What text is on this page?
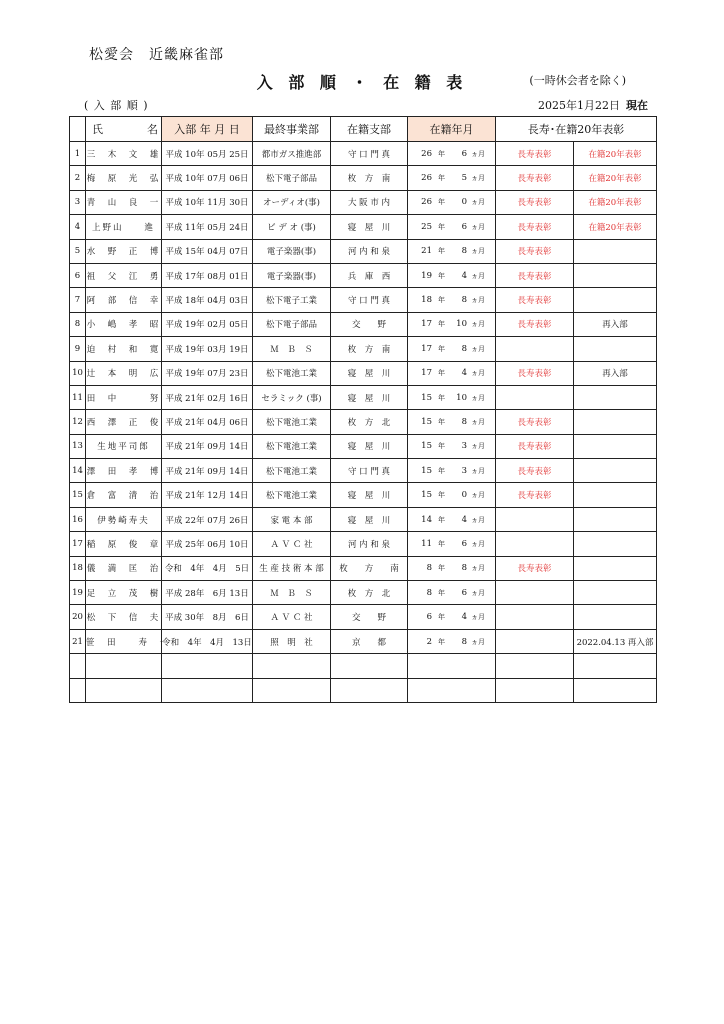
松愛会　近畿麻雀部
入 部 順 ・ 在 籍 表	(一時休会者を除く)
( 入 部 順 )	2025年1月22日 現在
	氏 名	入部 年 月 日	最終事業部	在籍支部	在籍年月	長寿･在籍20年表彰	
1	三　木　文　雄	平成 10年 05月 25日	都市ガス推進部	守 口 門 真	26 年 6 ヵ月	長寿表彰	在籍20年表彰
2	梅　原　光　弘	平成 10年 07月 06日	松下電子部品	枚　方　南	26 年 5 ヵ月	長寿表彰	在籍20年表彰
3	青　山　良　一	平成 10年 11月 30日	オーディオ(事)	大 阪 市 内	26 年 0 ヵ月	長寿表彰	在籍20年表彰
4	上野山　　進	平成 11年 05月 24日	ビ デ オ (事)	寝　屋　川	25 年 6 ヵ月	長寿表彰	在籍20年表彰
5	水　野　正　博	平成 15年 04月 07日	電子楽器(事)	河 内 和 泉	21 年 8 ヵ月	長寿表彰	
6	祖　父　江　勇	平成 17年 08月 01日	電子楽器(事)	兵　庫　西	19 年 4 ヵ月	長寿表彰	
7	阿　部　信　幸	平成 18年 04月 03日	松下電子工業	守 口 門 真	18 年 8 ヵ月	長寿表彰	
8	小　嶋　孝　昭	平成 19年 02月 05日	松下電子部品	交　　野	17 年 10 ヵ月	長寿表彰	再入部
9	迫　村　和　寛	平成 19年 03月 19日	Ｍ　Ｂ　Ｓ	枚　方　南	17 年 8 ヵ月		
10	辻　本　明　広	平成 19年 07月 23日	松下電池工業	寝　屋　川	17 年 4 ヵ月	長寿表彰	再入部
11	田　中　　　努	平成 21年 02月 16日	セラミック (事)	寝　屋　川	15 年 10 ヵ月		
12	西　澤　正　俊	平成 21年 04月 06日	松下電池工業	枚　方　北	15 年 8 ヵ月	長寿表彰	
13	生地平司郎	平成 21年 09月 14日	松下電池工業	寝　屋　川	15 年 3 ヵ月	長寿表彰	
14	澤　田　孝　博	平成 21年 09月 14日	松下電池工業	守 口 門 真	15 年 3 ヵ月	長寿表彰	
15	倉　富　清　治	平成 21年 12月 14日	松下電池工業	寝　屋　川	15 年 0 ヵ月	長寿表彰	
16	伊勢崎寿夫	平成 22年 07月 26日	家 電 本 部	寝　屋　川	14 年 4 ヵ月		
17	稲　原　俊　章	平成 25年 06月 10日	Ａ Ｖ Ｃ 社	河 内 和 泉	11 年 6 ヵ月		
18	儀　満　匡　治	令和　4年　4月　5日	生 産 技 術 本 部	枚　　方　　南	8 年 8 ヵ月	長寿表彰	
19	足　立　茂　樹	平成 28年　6月 13日	Ｍ　Ｂ　Ｓ	枚　方　北	8 年 6 ヵ月		
20	松　下　信　夫	平成 30年　8月　6日	Ａ Ｖ Ｃ 社	交　　野	6 年 4 ヵ月		
21	笹　田　　寿　一	令和　4年　4月　13日	照　明　社	京　　都	2 年 8 ヵ月		2022.04.13 再入部
